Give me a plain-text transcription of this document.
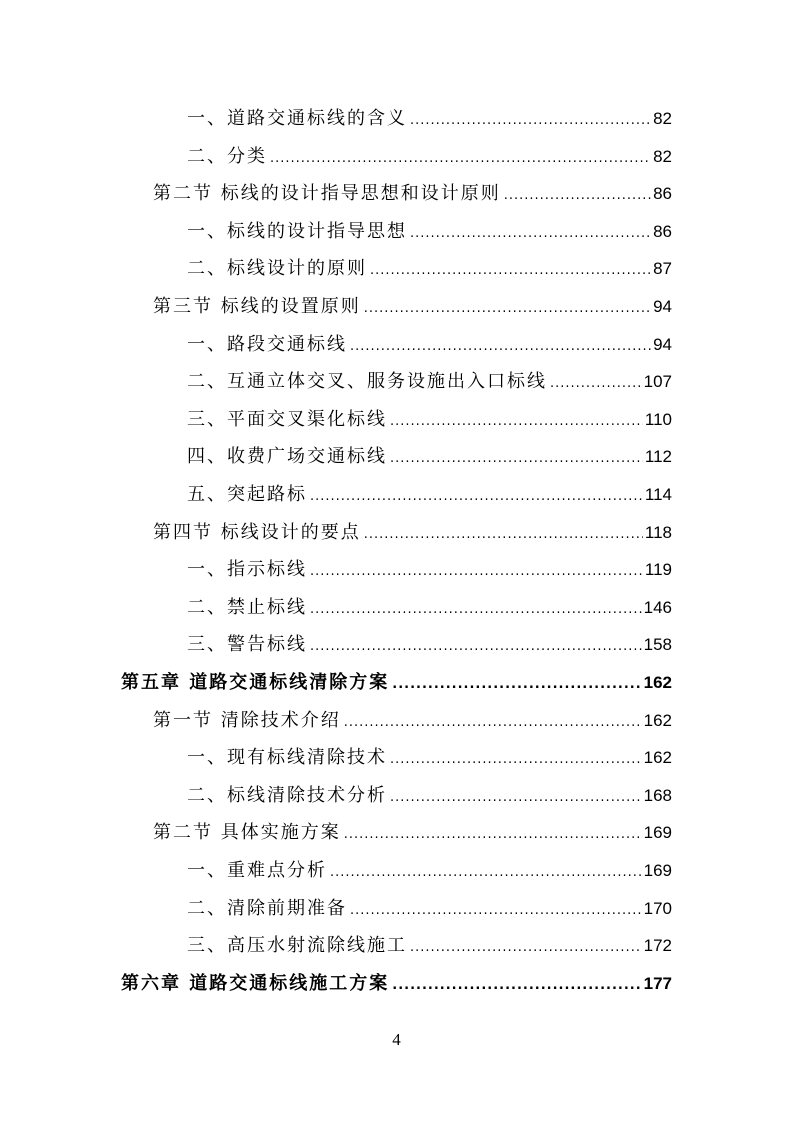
一、道路交通标线的含义 .....	82
二、分类 .....	82
第二节 标线的设计指导思想和设计原则 .....	86
一、标线的设计指导思想 .....	86
二、标线设计的原则 .....	87
第三节 标线的设置原则 .....	94
一、路段交通标线 .....	94
二、互通立体交叉、服务设施出入口标线 .....	107
三、平面交叉渠化标线 .....	110
四、收费广场交通标线 .....	112
五、突起路标 .....	114
第四节 标线设计的要点 .....	118
一、指示标线 .....	119
二、禁止标线 .....	146
三、警告标线 .....	158
第五章 道路交通标线清除方案 .....	162
第一节 清除技术介绍 .....	162
一、现有标线清除技术 .....	162
二、标线清除技术分析 .....	168
第二节 具体实施方案 .....	169
一、重难点分析 .....	169
二、清除前期准备 .....	170
三、高压水射流除线施工 .....	172
第六章 道路交通标线施工方案 .....	177
4
